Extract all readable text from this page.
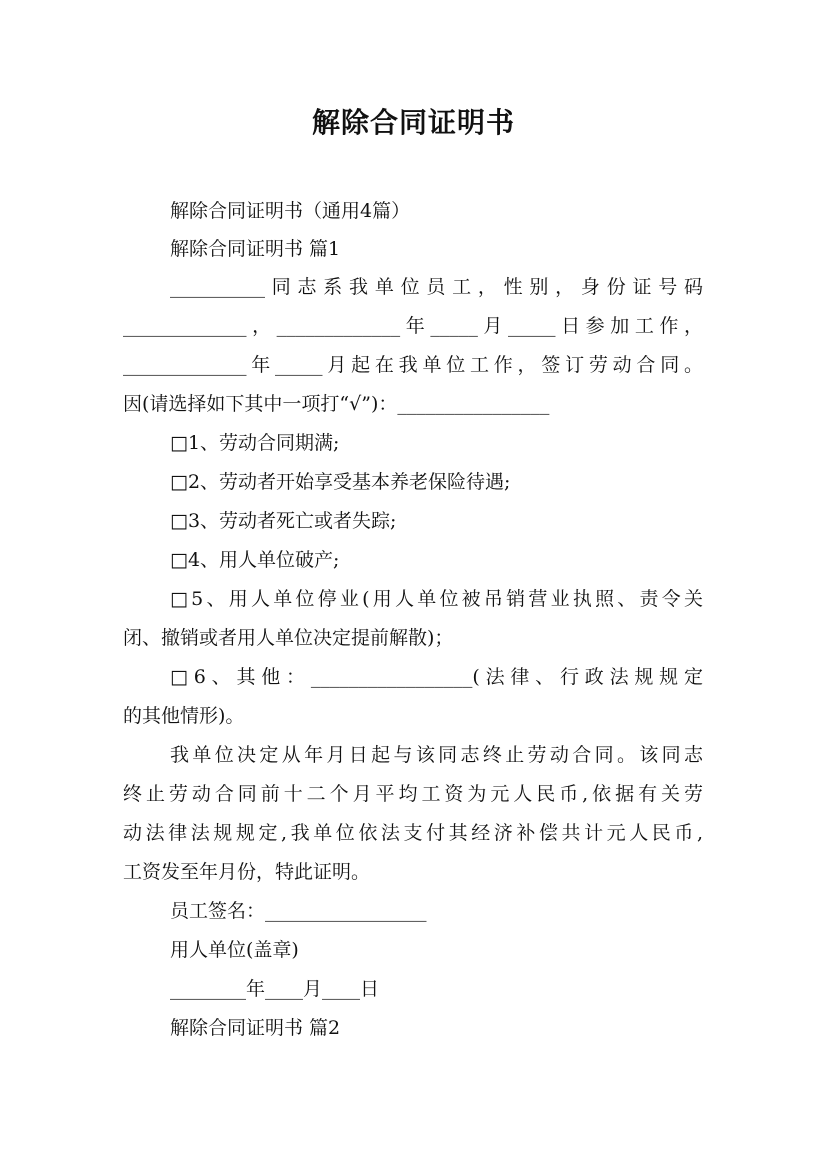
解除合同证明书
解除合同证明书（通用4篇）
解除合同证明书 篇1
__________同志系我单位员工，性别，身份证号码
_____________，_____________年_____月_____日参加工作，
_____________年_____月起在我单位工作，签订劳动合同。
因(请选择如下其中一项打“√”)：________________
□1、劳动合同期满;
□2、劳动者开始享受基本养老保险待遇;
□3、劳动者死亡或者失踪;
□4、用人单位破产;
□5、用人单位停业(用人单位被吊销营业执照、责令关
闭、撤销或者用人单位决定提前解散)；
□6、其他：_________________(法律、行政法规规定
的其他情形)。
我单位决定从年月日起与该同志终止劳动合同。该同志
终止劳动合同前十二个月平均工资为元人民币,依据有关劳
动法律法规规定,我单位依法支付其经济补偿共计元人民币,
工资发至年月份，特此证明。
员工签名：_________________
用人单位(盖章)
________年____月____日
解除合同证明书 篇2
